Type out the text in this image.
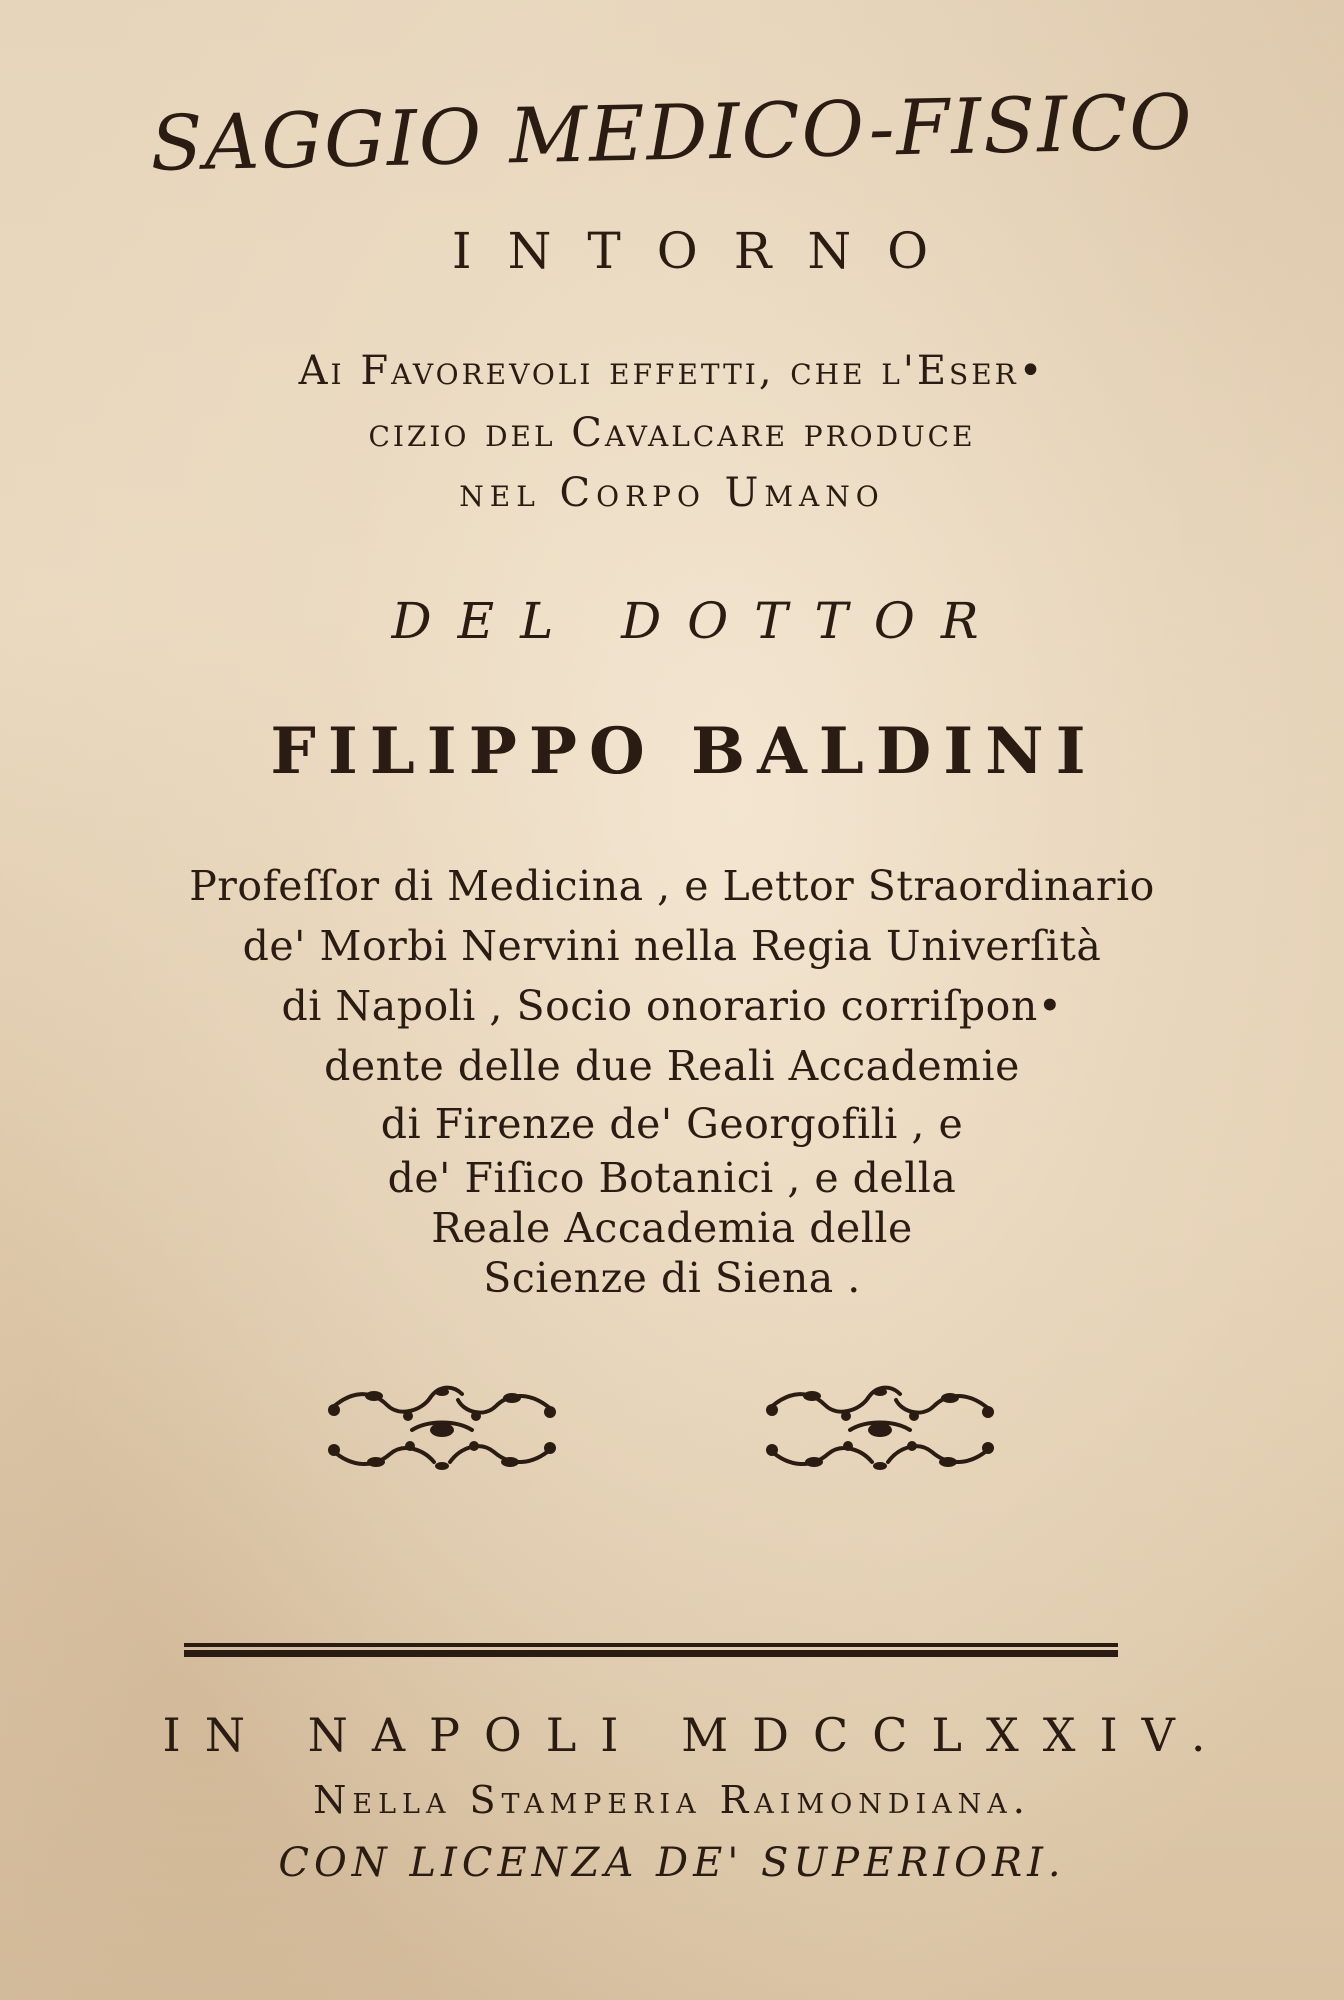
SAGGIO MEDICO-FISICO
INTORNO
Ai Favorevoli effetti, che l'Eser•
cizio del Cavalcare produce
nel Corpo Umano
DEL DOTTOR
FILIPPO BALDINI
Profeſſor di Medicina , e Lettor Straordinario
de' Morbi Nervini nella Regia Univerſità
di Napoli , Socio onorario corriſpon•
dente delle due Reali Accademie
di Firenze de' Georgofili , e
de' Fiſico Botanici , e della
Reale Accademia delle
Scienze di Siena .
IN NAPOLI MDCCLXXIV.
Nella Stamperia Raimondiana.
CON LICENZA DE' SUPERIORI.
